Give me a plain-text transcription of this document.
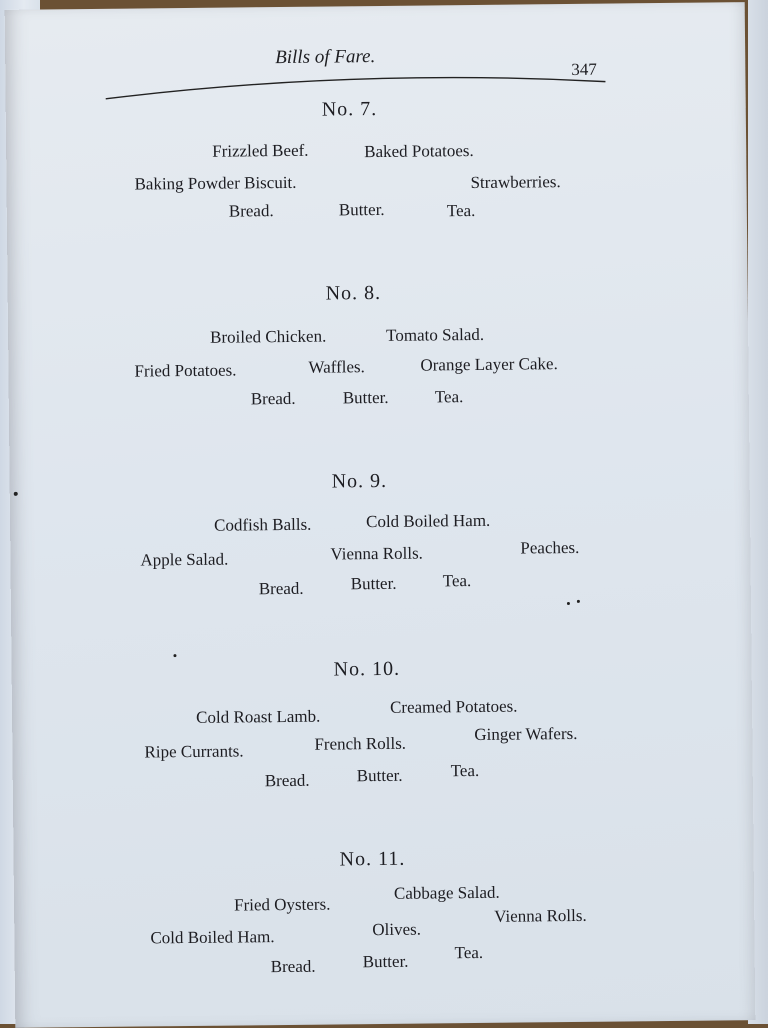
Bills of Fare.
347
No. 7.
Frizzled Beef.	Baked Potatoes.
Baking Powder Biscuit.	Strawberries.
Bread.	Butter.	Tea.
No. 8.
Broiled Chicken.	Tomato Salad.
Fried Potatoes.	Waffles.	Orange Layer Cake.
Bread.	Butter.	Tea.
No. 9.
Codfish Balls.	Cold Boiled Ham.
Apple Salad.	Vienna Rolls.	Peaches.
Bread.	Butter.	Tea.
No. 10.
Cold Roast Lamb.	Creamed Potatoes.
Ripe Currants.	French Rolls.	Ginger Wafers.
Bread.	Butter.	Tea.
No. 11.
Fried Oysters.
Cabbage Salad.
Cold Boiled Ham.	Olives.
Vienna Rolls.
Bread.	Butter.	Tea.
